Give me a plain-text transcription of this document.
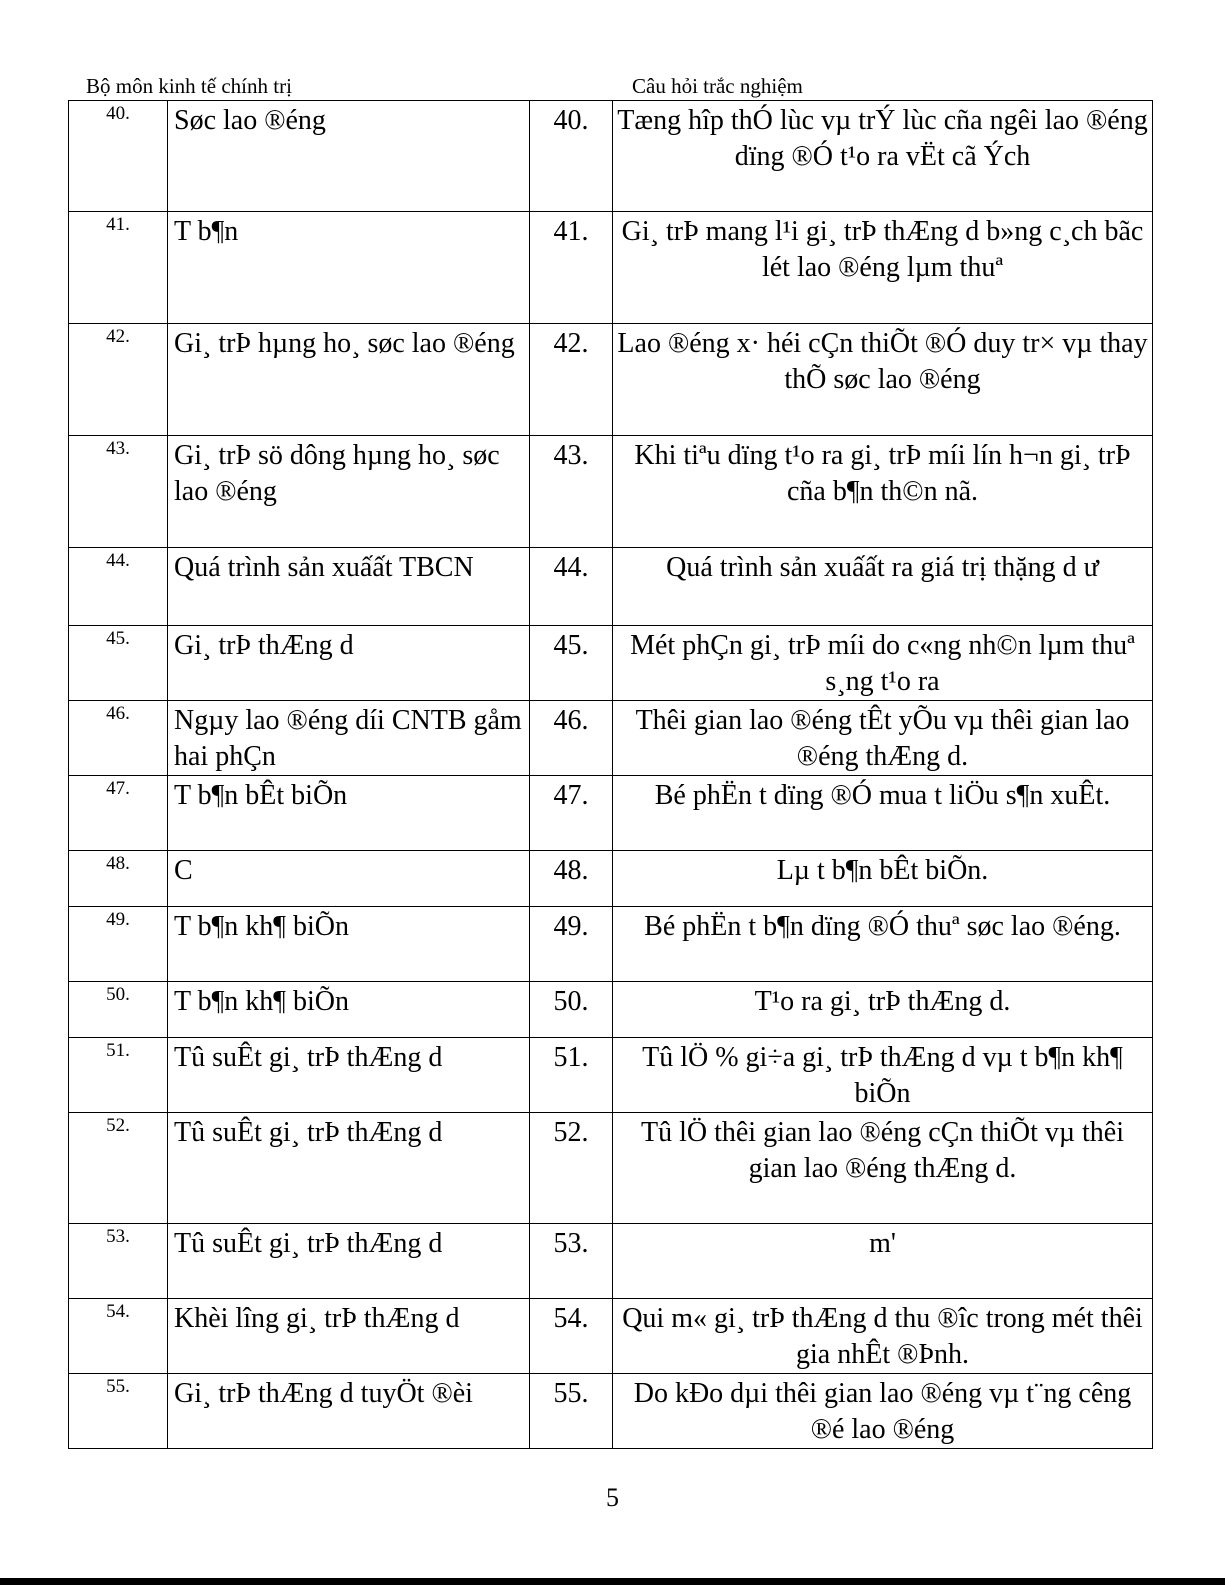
Bộ môn kinh tế chính trị	Câu hỏi trắc nghiệm
40.	Søc lao ®éng	40.	Tæng hîp thÓ lùc vµ trÝ lùc cña ngêi lao ®éng dïng ®Ó t¹o ra vËt cã Ých
41.	T b¶n	41.	Gi¸ trÞ mang l¹i gi¸ trÞ thÆng d b»ng c¸ch bãc lét lao ®éng lµm thuª
42.	Gi¸ trÞ hµng ho¸ søc lao ®éng	42.	Lao ®éng x· héi cÇn thiÕt ®Ó duy tr× vµ thay thÕ søc lao ®éng
43.	Gi¸ trÞ sö dông hµng ho¸ søc lao ®éng	43.	Khi tiªu dïng t¹o ra gi¸ trÞ míi lín h¬n gi¸ trÞ cña b¶n th©n nã.
44.	Quá trình sản xuấất TBCN	44.	Quá trình sản xuấất ra giá trị thặng d ư
45.	Gi¸ trÞ thÆng d	45.	Mét phÇn gi¸ trÞ míi do c«ng nh©n lµm thuª s¸ng t¹o ra
46.	Ngµy lao ®éng díi CNTB gåm hai phÇn	46.	Thêi gian lao ®éng tÊt yÕu vµ thêi gian lao ®éng thÆng d.
47.	T b¶n bÊt biÕn	47.	Bé phËn t dïng ®Ó mua t liÖu s¶n xuÊt.
48.	C	48.	Lµ t b¶n bÊt biÕn.
49.	T b¶n kh¶ biÕn	49.	Bé phËn t b¶n dïng ®Ó thuª søc lao ®éng.
50.	T b¶n kh¶ biÕn	50.	T¹o ra gi¸ trÞ thÆng d.
51.	Tû suÊt gi¸ trÞ thÆng d	51.	Tû lÖ % gi÷a gi¸ trÞ thÆng d vµ t b¶n kh¶ biÕn
52.	Tû suÊt gi¸ trÞ thÆng d	52.	Tû lÖ thêi gian lao ®éng cÇn thiÕt vµ thêi gian lao ®éng thÆng d.
53.	Tû suÊt gi¸ trÞ thÆng d	53.	m'
54.	Khèi lîng gi¸ trÞ thÆng d	54.	Qui m« gi¸ trÞ thÆng d thu ®îc trong mét thêi gia nhÊt ®Þnh.
55.	Gi¸ trÞ thÆng d tuyÖt ®èi	55.	Do kÐo dµi thêi gian lao ®éng vµ t¨ng cêng ®é lao ®éng
5
